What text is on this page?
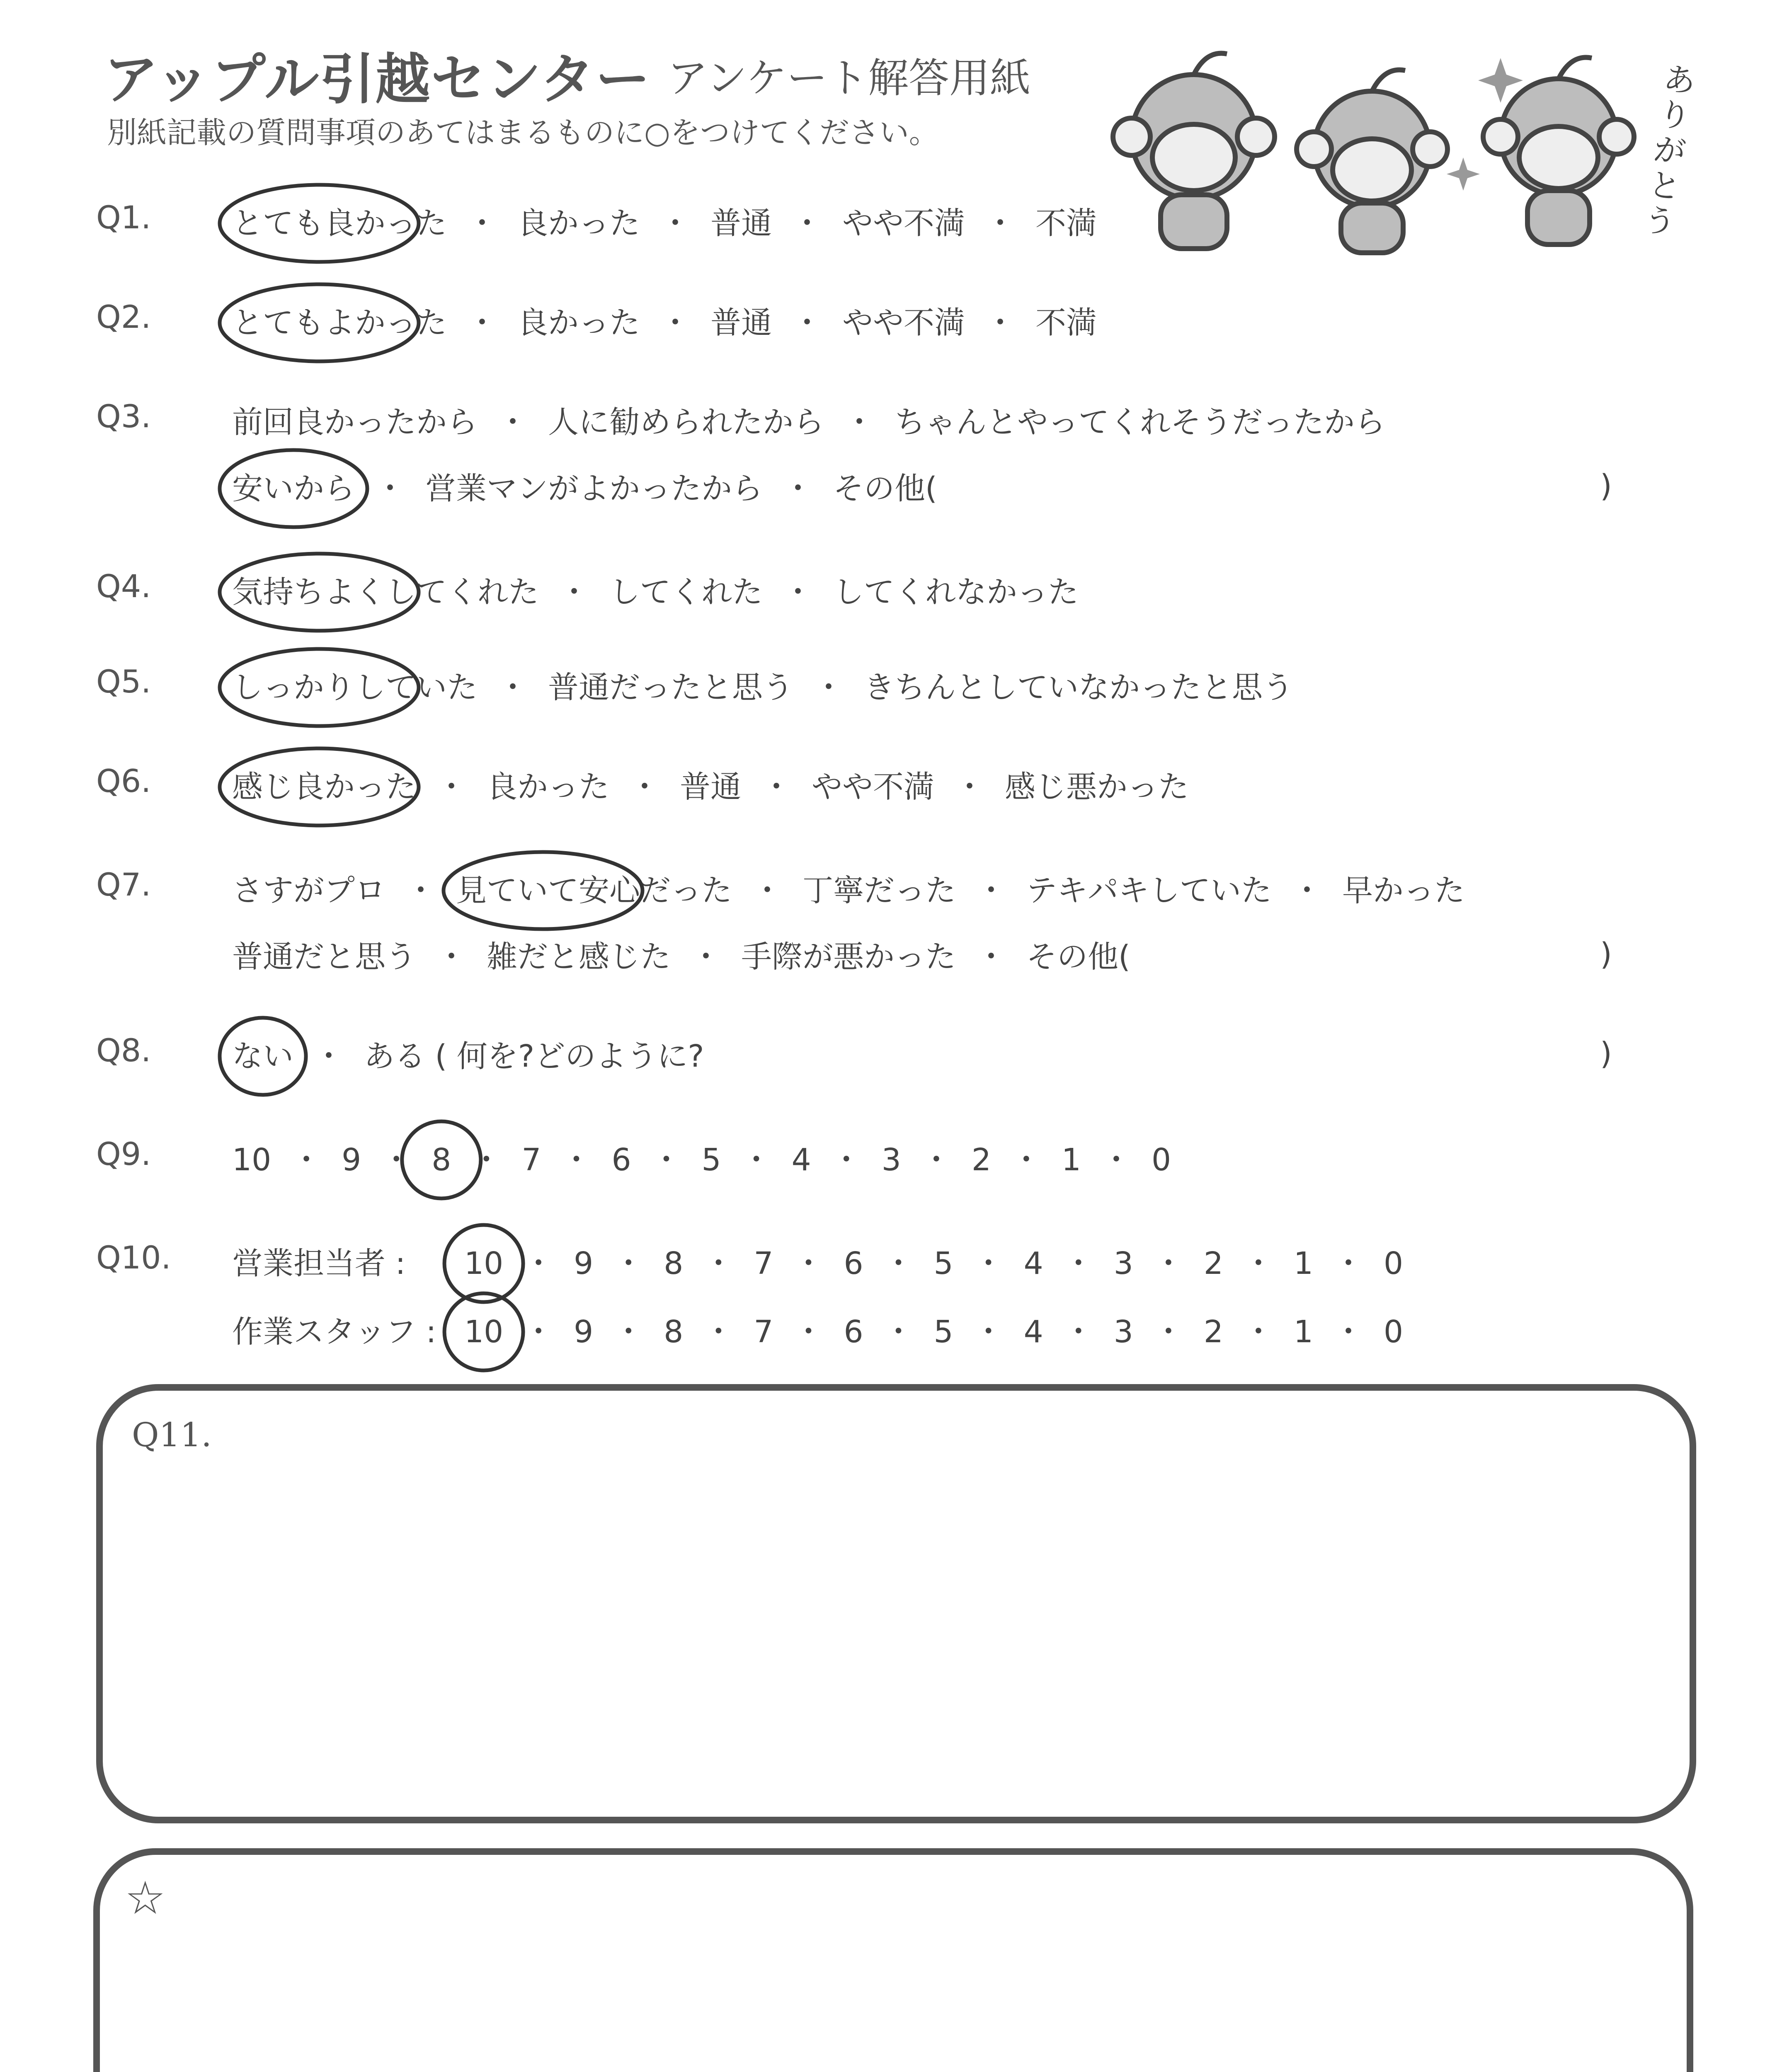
アップル引越センター アンケート解答用紙
別紙記載の質問事項のあてはまるものに○をつけてください。
ありがとう
Q1.	とても良かった ・ 良かった ・ 普通 ・ やや不満 ・ 不満
Q2.	とてもよかった ・ 良かった ・ 普通 ・ やや不満 ・ 不満
Q3.	前回良かったから ・ 人に勧められたから ・ ちゃんとやってくれそうだったから
安いから ・ 営業マンがよかったから ・ その他(	)
Q4.	気持ちよくしてくれた ・ してくれた ・ してくれなかった
Q5.	しっかりしていた ・ 普通だったと思う ・ きちんとしていなかったと思う
Q6.	感じ良かった ・ 良かった ・ 普通 ・ やや不満 ・ 感じ悪かった
Q7.	さすがプロ ・ 見ていて安心だった ・ 丁寧だった ・ テキパキしていた ・ 早かった
普通だと思う ・ 雑だと感じた ・ 手際が悪かった ・ その他(	)
Q8.	ない ・ ある ( 何を?どのように?	)
Q9.	10 ・ 9 ・ 8 ・ 7 ・ 6 ・ 5 ・ 4 ・ 3 ・ 2 ・ 1 ・ 0
Q10. 営業担当者 : 10 ・ 9 ・ 8 ・ 7 ・ 6 ・ 5 ・ 4 ・ 3 ・ 2 ・ 1 ・ 0
作業スタッフ : 10 ・ 9 ・ 8 ・ 7 ・ 6 ・ 5 ・ 4 ・ 3 ・ 2 ・ 1 ・ 0
Q11.
☆
